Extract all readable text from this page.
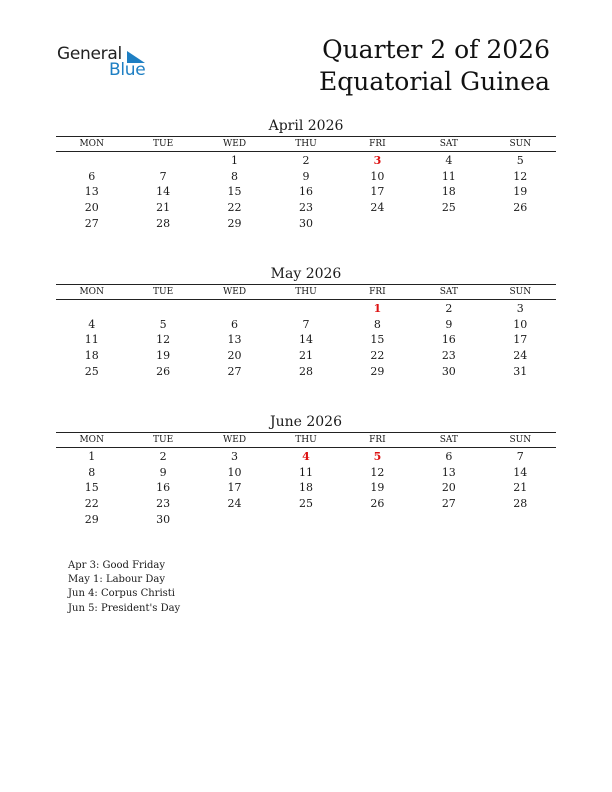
General
Blue
Quarter 2 of 2026
Equatorial Guinea
April 2026
MON	TUE	WED	THU	FRI	SAT	SUN
		1	2	3	4	5
6	7	8	9	10	11	12
13	14	15	16	17	18	19
20	21	22	23	24	25	26
27	28	29	30			
May 2026
MON	TUE	WED	THU	FRI	SAT	SUN
				1	2	3
4	5	6	7	8	9	10
11	12	13	14	15	16	17
18	19	20	21	22	23	24
25	26	27	28	29	30	31
June 2026
MON	TUE	WED	THU	FRI	SAT	SUN
1	2	3	4	5	6	7
8	9	10	11	12	13	14
15	16	17	18	19	20	21
22	23	24	25	26	27	28
29	30					
Apr 3: Good Friday
May 1: Labour Day
Jun 4: Corpus Christi
Jun 5: President's Day
